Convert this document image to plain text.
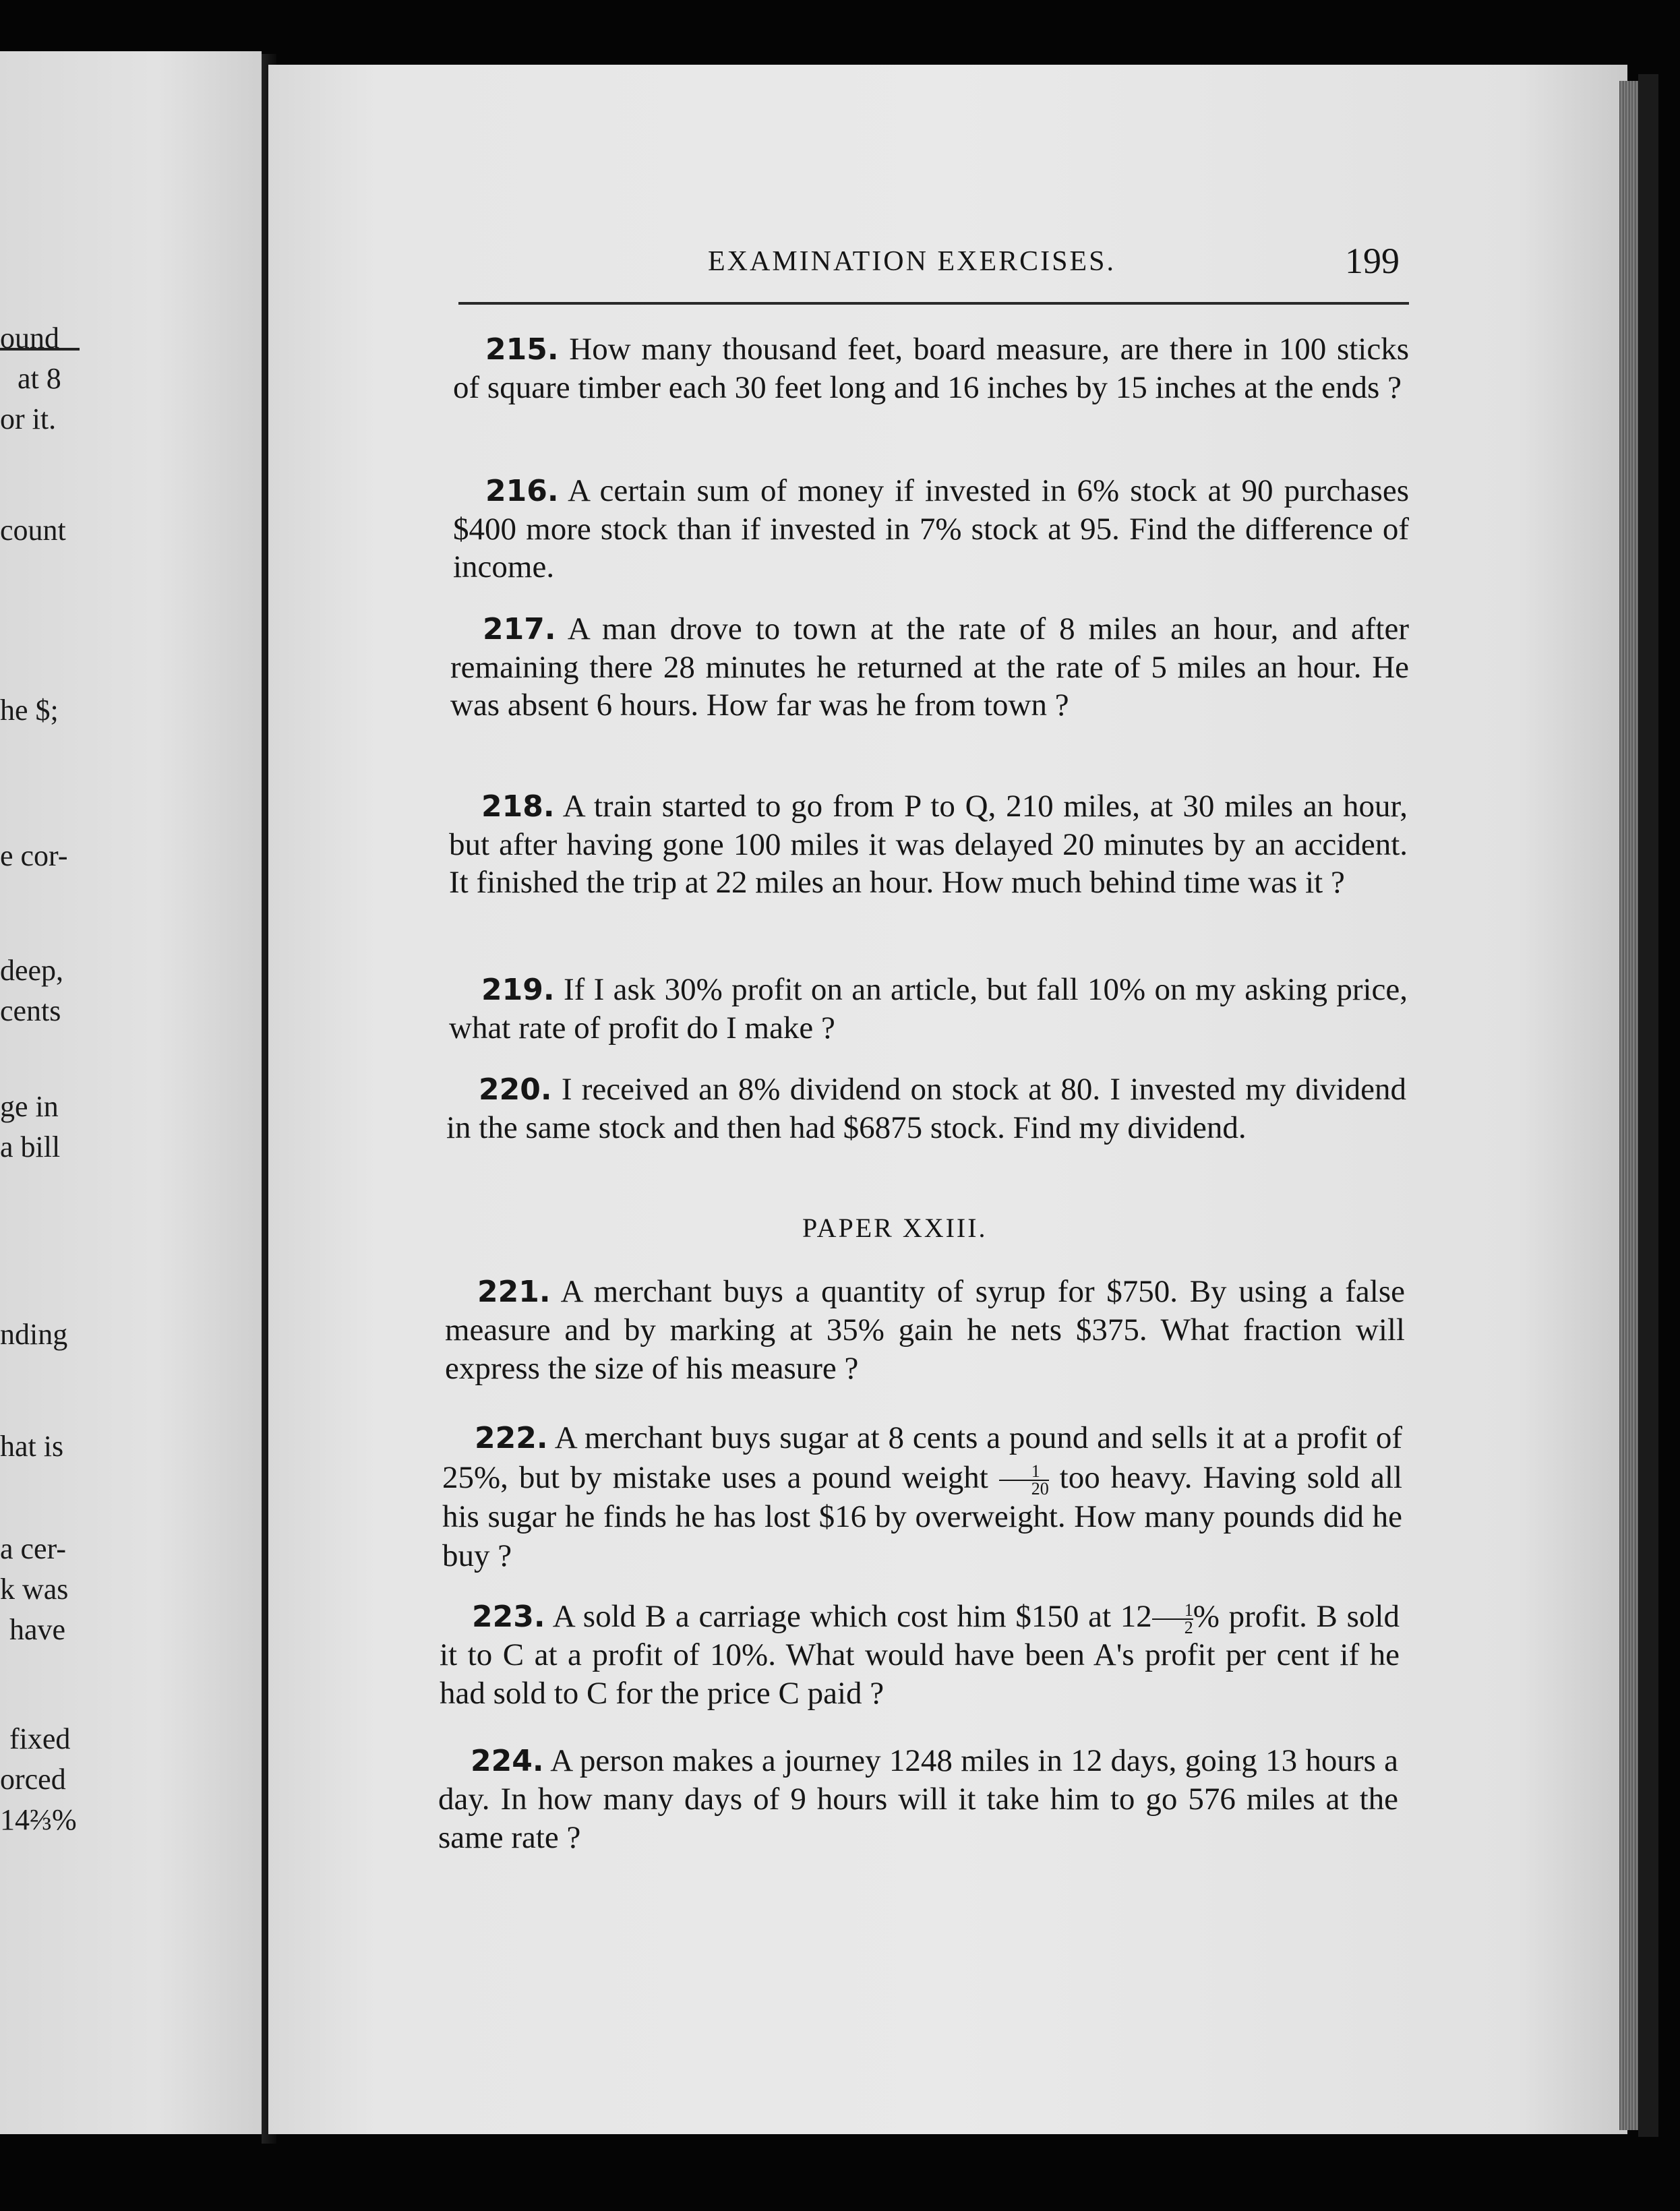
ound
at 8
or it.
count
he $;
e cor-
deep,
cents
ge in
a bill
nding
hat is
a cer-
k was
have
fixed
orced
14⅔%
EXAMINATION EXERCISES.	199
215. How many thousand feet, board measure, are there in 100 sticks of square timber each 30 feet long and 16 inches by 15 inches at the ends ?
216. A certain sum of money if invested in 6% stock at 90 purchases $400 more stock than if invested in 7% stock at 95. Find the difference of income.
217. A man drove to town at the rate of 8 miles an hour, and after remaining there 28 minutes he returned at the rate of 5 miles an hour. He was absent 6 hours. How far was he from town ?
218. A train started to go from P to Q, 210 miles, at 30 miles an hour, but after having gone 100 miles it was delayed 20 minutes by an accident. It finished the trip at 22 miles an hour. How much behind time was it ?
219. If I ask 30% profit on an article, but fall 10% on my asking price, what rate of profit do I make ?
220. I received an 8% dividend on stock at 80. I invested my dividend in the same stock and then had $6875 stock. Find my dividend.
PAPER XXIII.
221. A merchant buys a quantity of syrup for $750. By using a false measure and by marking at 35% gain he nets $375. What fraction will express the size of his measure ?
222. A merchant buys sugar at 8 cents a pound and sells it at a profit of 25%, but by mistake uses a pound weight $\frac{1}{20}$ too heavy. Having sold all his sugar he finds he has lost $16 by overweight. How many pounds did he buy ?
223. A sold B a carriage which cost him $150 at $12 \frac{1}{2}$ % profit. B sold it to C at a profit of 10%. What would have been A's profit per cent if he had sold to C for the price C paid ?
224. A person makes a journey 1248 miles in 12 days, going 13 hours a day. In how many days of 9 hours will it take him to go 576 miles at the same rate ?
